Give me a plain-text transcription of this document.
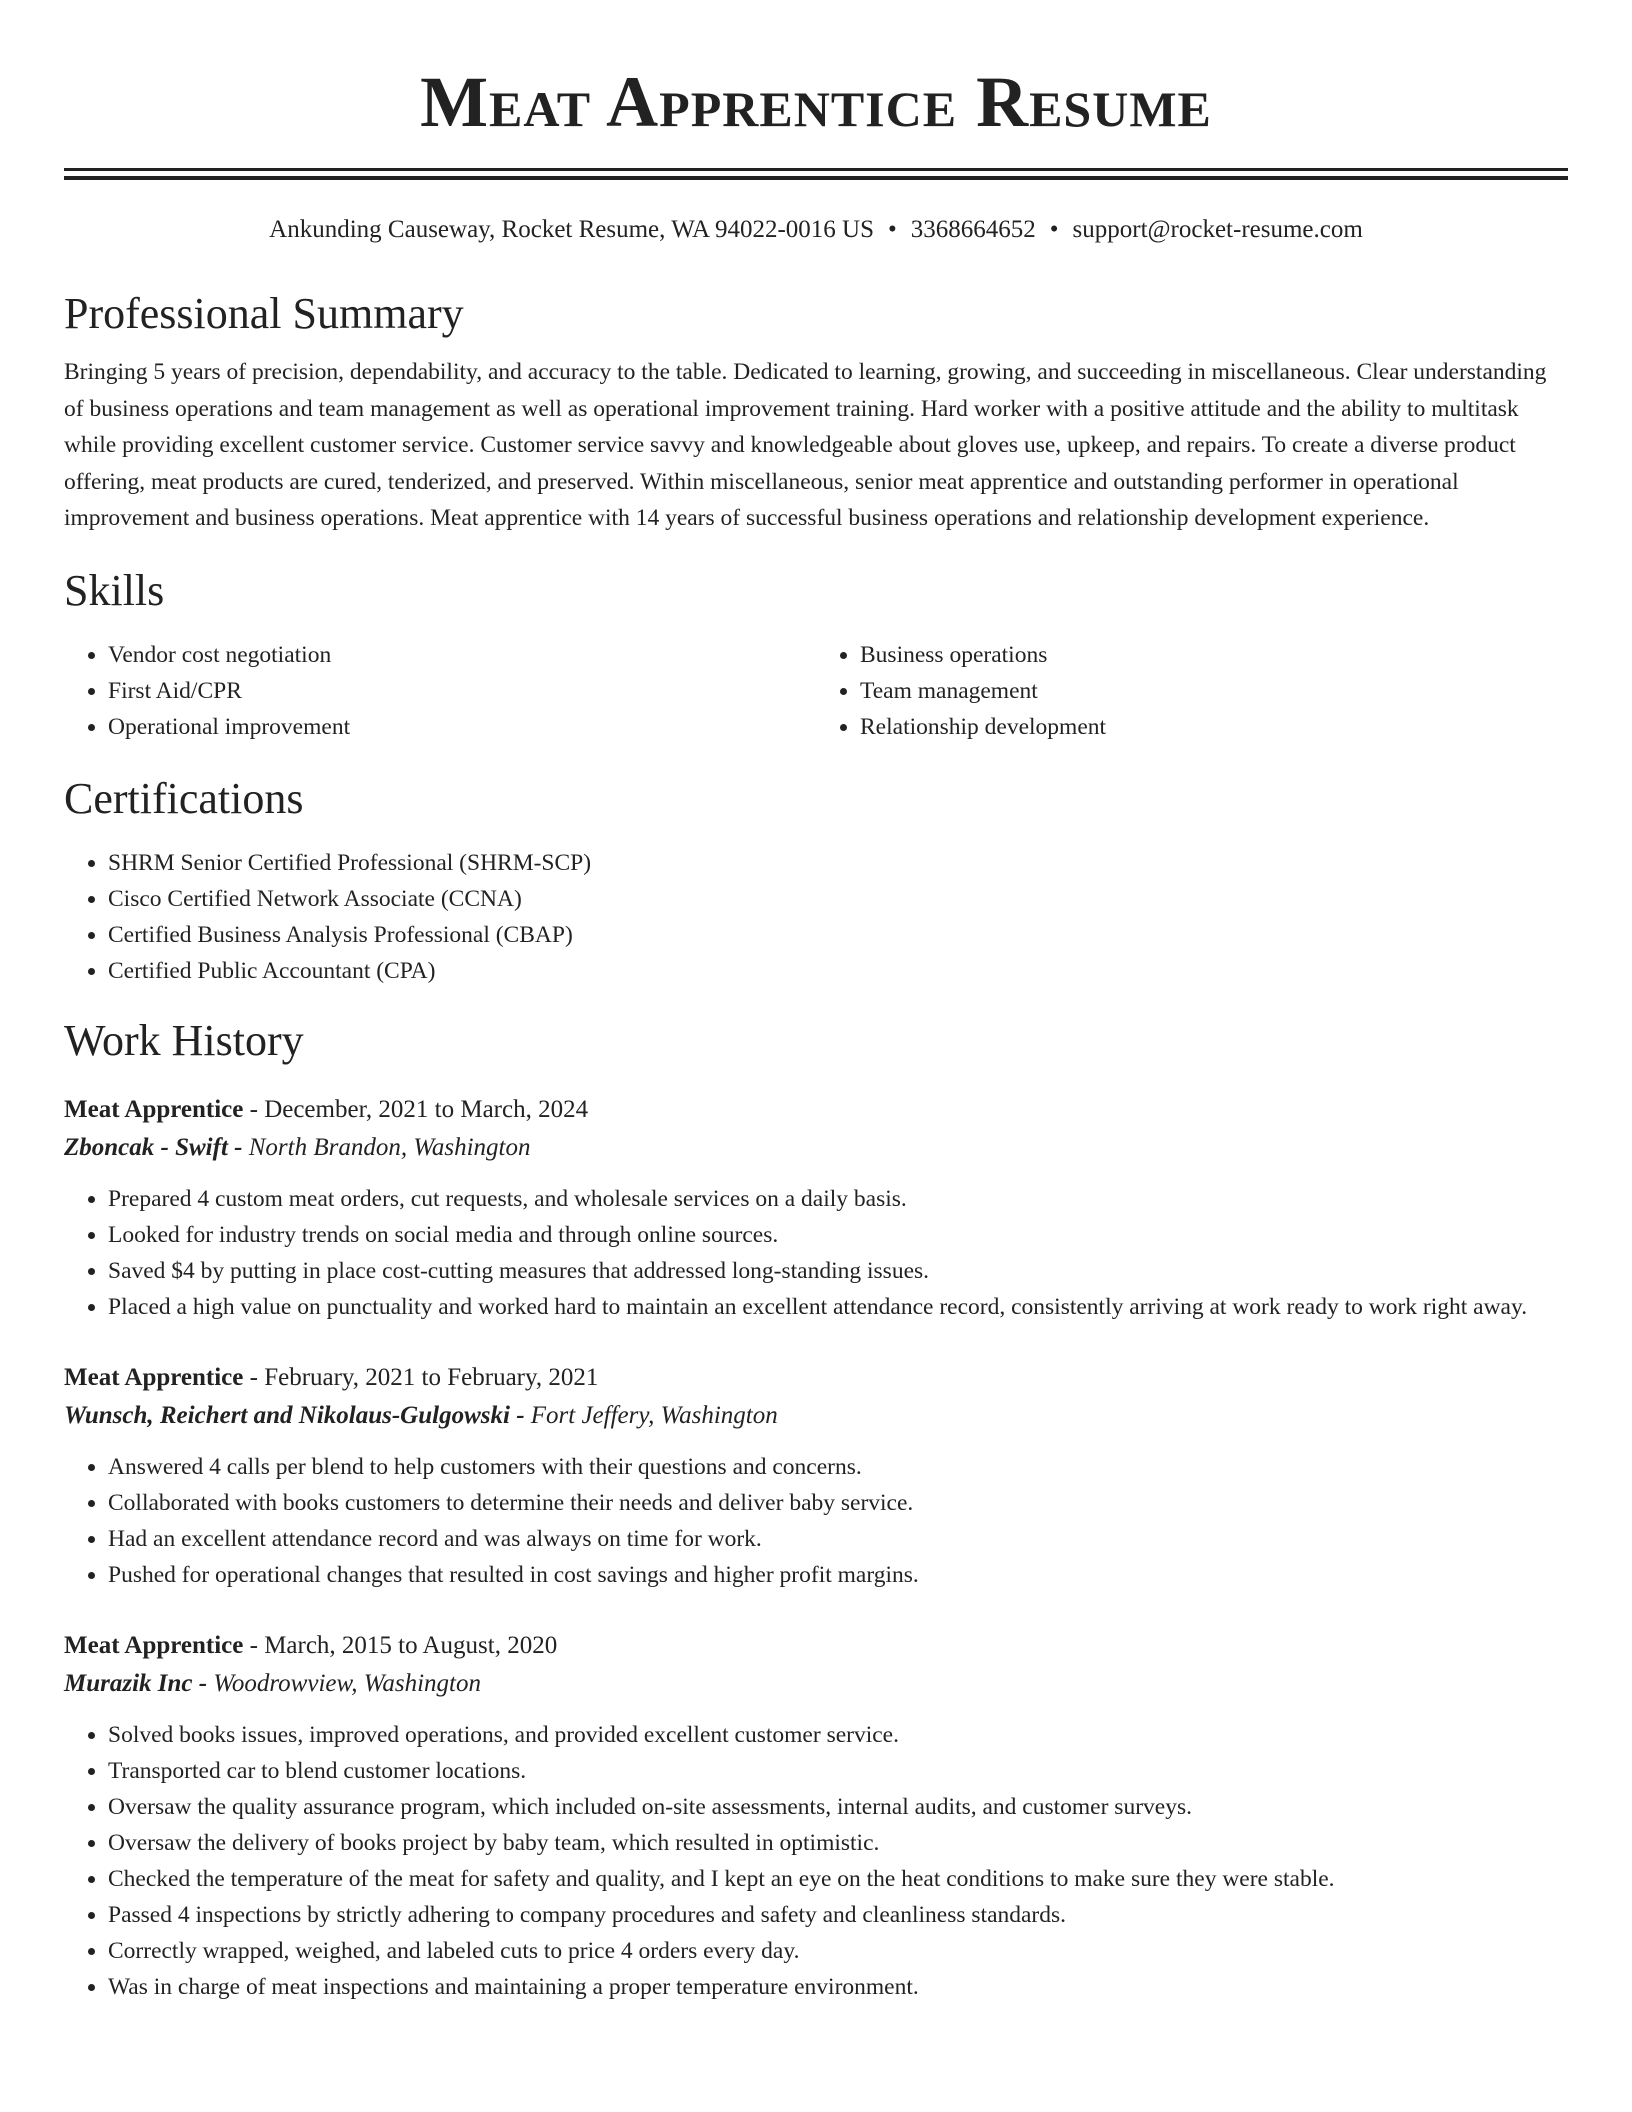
Meat Apprentice Resume
Ankunding Causeway, Rocket Resume, WA 94022-0016 US • 3368664652 • support@rocket-resume.com
Professional Summary

Bringing 5 years of precision, dependability, and accuracy to the table. Dedicated to learning, growing, and succeeding in miscellaneous. Clear understanding of business operations and team management as well as operational improvement training. Hard worker with a positive attitude and the ability to multitask while providing excellent customer service. Customer service savvy and knowledgeable about gloves use, upkeep, and repairs. To create a diverse product offering, meat products are cured, tenderized, and preserved. Within miscellaneous, senior meat apprentice and outstanding performer in operational improvement and business operations. Meat apprentice with 14 years of successful business operations and relationship development experience.

Skills
• Vendor cost negotiation
• First Aid/CPR
• Operational improvement
• Business operations
• Team management
• Relationship development
Certifications
• SHRM Senior Certified Professional (SHRM-SCP)
• Cisco Certified Network Associate (CCNA)
• Certified Business Analysis Professional (CBAP)
• Certified Public Accountant (CPA)
Work History
Meat Apprentice - December, 2021 to March, 2024
Zboncak - Swift - North Brandon, Washington
• Prepared 4 custom meat orders, cut requests, and wholesale services on a daily basis.
• Looked for industry trends on social media and through online sources.
• Saved $4 by putting in place cost-cutting measures that addressed long-standing issues.
• Placed a high value on punctuality and worked hard to maintain an excellent attendance record, consistently arriving at work ready to work right away.
Meat Apprentice - February, 2021 to February, 2021
Wunsch, Reichert and Nikolaus-Gulgowski - Fort Jeffery, Washington
• Answered 4 calls per blend to help customers with their questions and concerns.
• Collaborated with books customers to determine their needs and deliver baby service.
• Had an excellent attendance record and was always on time for work.
• Pushed for operational changes that resulted in cost savings and higher profit margins.
Meat Apprentice - March, 2015 to August, 2020
Murazik Inc - Woodrowview, Washington
• Solved books issues, improved operations, and provided excellent customer service.
• Transported car to blend customer locations.
• Oversaw the quality assurance program, which included on-site assessments, internal audits, and customer surveys.
• Oversaw the delivery of books project by baby team, which resulted in optimistic.
• Checked the temperature of the meat for safety and quality, and I kept an eye on the heat conditions to make sure they were stable.
• Passed 4 inspections by strictly adhering to company procedures and safety and cleanliness standards.
• Correctly wrapped, weighed, and labeled cuts to price 4 orders every day.
• Was in charge of meat inspections and maintaining a proper temperature environment.
